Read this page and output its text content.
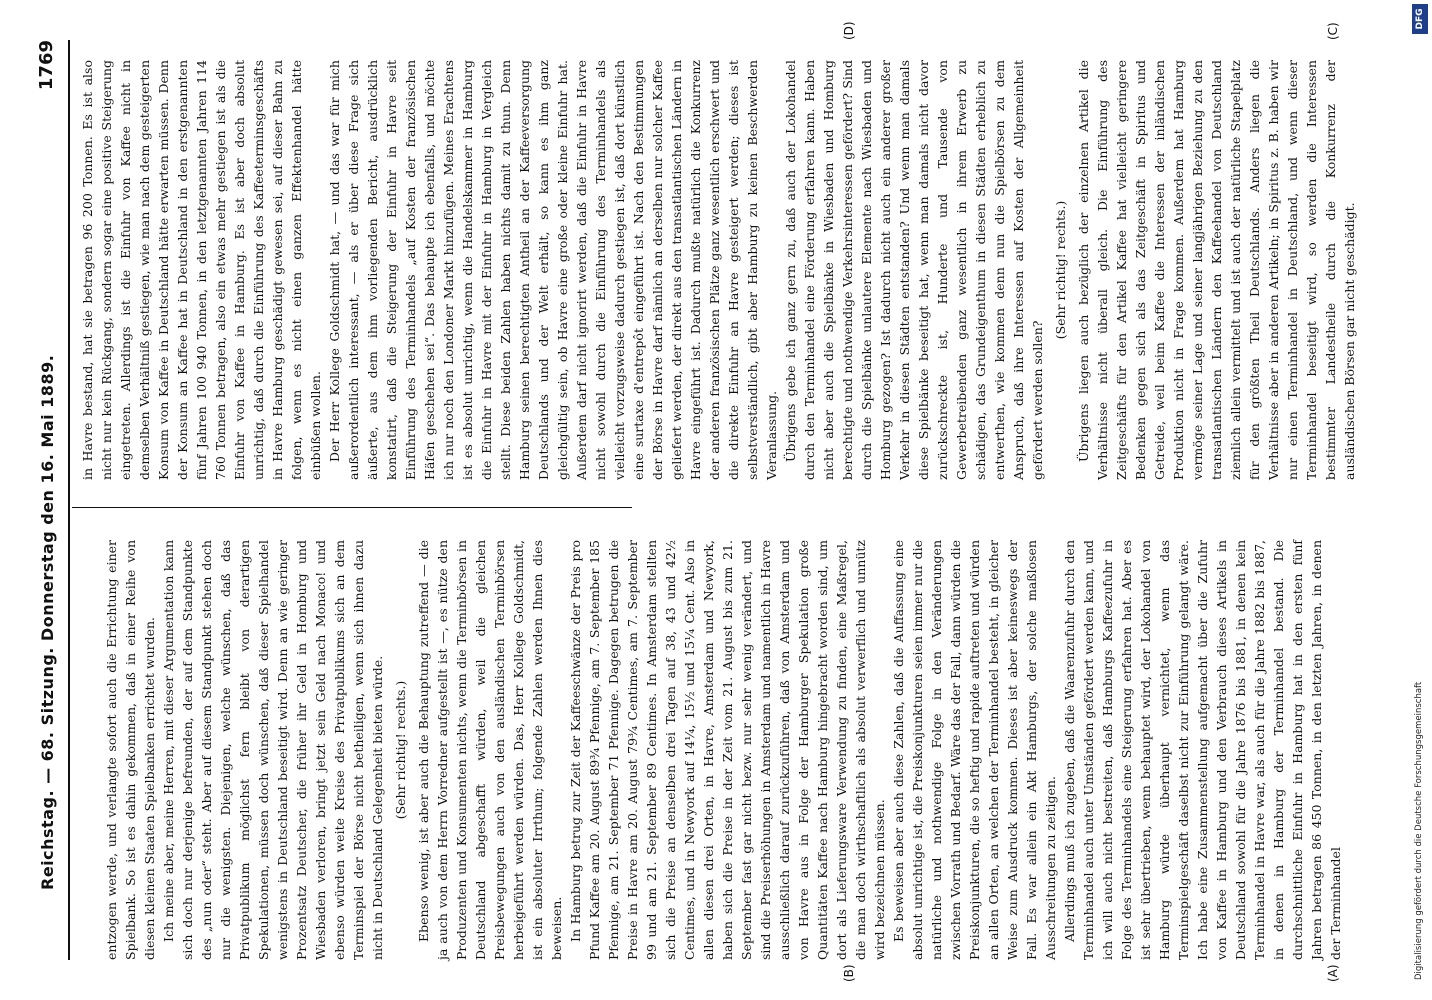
Reichstag. — 68. Sitzung. Donnerstag den 16. Mai 1889.
1769

entzogen werde, und verlangte sofort auch die Errichtung einer Spielbank. So ist es dahin gekommen, daß in einer Reihe von diesen kleinen Staaten Spielbanken errichtet wurden. Ich meine aber, meine Herren, mit dieser Argumentation kann sich doch nur derjenige befreunden, der auf dem Standpunkte des „nun oder“ steht. Aber auf diesem Standpunkt stehen doch nur die wenigsten. Diejenigen, welche wünschen, daß das Privatpublikum möglichst fern bleibt von derartigen Spekulationen, müssen doch wünschen, daß dieser Spielhandel wenigstens in Deutschland beseitigt wird. Denn an wie geringer Prozentsatz Deutscher, die früher ihr Geld in Homburg und Wiesbaden verloren, bringt jetzt sein Geld nach Monaco! und ebenso würden weite Kreise des Privatpublikums sich an dem Terminspiel der Börse nicht betheiligen, wenn sich ihnen dazu nicht in Deutschland Gelegenheit bieten würde. (Sehr richtig! rechts.) Ebenso wenig, ist aber auch die Behauptung zutreffend — die ja auch von dem Herrn Vorredner aufgestellt ist —, es nütze den Produzenten und Konsumenten nichts, wenn die Terminbörsen in Deutschland abgeschafft würden, weil die gleichen Preisbewegungen auch von den ausländischen Terminbörsen herbeigeführt werden würden. Das, Herr Kollege Goldschmidt, ist ein absoluter Irrthum; folgende Zahlen werden Ihnen dies beweisen. In Hamburg betrug zur Zeit der Kaffeeschwänze der Preis pro Pfund Kaffee am 20. August 89¾ Pfennige, am 7. September 185 Pfennige, am 21. September 71 Pfennige. Dagegen betrugen die Preise in Havre am 20. August 79¾ Centimes, am 7. September 99 und am 21. September 89 Centimes. In Amsterdam stellten sich die Preise an denselben drei Tagen auf 38, 43 und 42½ Centimes, und in Newyork auf 14¼, 15½ und 15¼ Cent. Also in allen diesen drei Orten, in Havre, Amsterdam und Newyork, haben sich die Preise in der Zeit vom 21. August bis zum 21. September fast gar nicht bezw. nur sehr wenig verändert, und sind die Preiserhöhungen in Amsterdam und namentlich in Havre ausschließlich darauf zurückzuführen, daß von Amsterdam und von Havre aus in Folge der Hamburger Spekulation große Quantitäten Kaffee nach Hamburg hingebracht worden sind, um dort als Lieferungsware Verwendung zu finden, eine Maßregel, die man doch wirthschaftlich als absolut verwerflich und unnütz wird bezeichnen müssen. Es beweisen aber auch diese Zahlen, daß die Auffassung eine absolut unrichtige ist, die Preiskonjunkturen seien immer nur die natürliche und nothwendige Folge in den Veränderungen zwischen Vorrath und Bedarf. Wäre das der Fall, dann würden die Preiskonjunkturen, die so heftig und rapide auftreten und würden an allen Orten, an welchen der Terminhandel besteht, in gleicher Weise zum Ausdruck kommen. Dieses ist aber keineswegs der Fall. Es war allein ein Akt Hamburgs, der solche maßlosen Ausschreitungen zu zeitigen. Allerdings muß ich zugeben, daß die Waarenzufuhr durch den Terminhandel auch unter Umständen gefördert werden kann, und ich will auch nicht bestreiten, daß Hamburgs Kaffeezufuhr in Folge des Terminhandels eine Steigerung erfahren hat. Aber es ist sehr übertrieben, wenn behauptet wird, der Lokohandel von Hamburg würde überhaupt vernichtet, wenn das Terminspielgeschäft daselbst nicht zur Einführung gelangt wäre. Ich habe eine Zusammenstellung aufgemacht über die Zufuhr von Kaffee in Hamburg und den Verbrauch dieses Artikels in Deutschland sowohl für die Jahre 1876 bis 1881, in denen kein Terminhandel in Havre war, als auch für die Jahre 1882 bis 1887, in denen in Hamburg der Terminhandel bestand. Die durchschnittliche Einfuhr in Hamburg hat in den ersten fünf Jahren betragen 86 450 Tonnen, in den letzten Jahren, in denen der Terminhandel

in Havre bestand, hat sie betragen 96 200 Tonnen. Es ist also nicht nur kein Rückgang, sondern sogar eine positive Steigerung eingetreten. Allerdings ist die Einfuhr von Kaffee nicht in demselben Verhältniß gestiegen, wie man nach dem gesteigerten Konsum von Kaffee in Deutschland hätte erwarten müssen. Denn der Konsum an Kaffee hat in Deutschland in den erstgenannten fünf Jahren 100 940 Tonnen, in den letztgenannten Jahren 114 760 Tonnen betragen, also ein etwas mehr gestiegen ist als die Einfuhr von Kaffee in Hamburg. Es ist aber doch absolut unrichtig, daß durch die Einführung des Kaffeeterminsgeschäfts in Havre Hamburg geschädigt gewesen sei, auf dieser Bahn zu folgen, wenn es nicht einen ganzen Effektenhandel hätte einbüßen wollen. Der Herr Kollege Goldschmidt hat, — und das war für mich außerordentlich interessant, — als er über diese Frage sich äußerte, aus dem ihm vorliegenden Bericht, ausdrücklich konstatirt, daß die Steigerung der Einfuhr in Havre seit Einführung des Terminhandels „auf Kosten der französischen Häfen geschehen sei“. Das behaupte ich ebenfalls, und möchte ich nur noch den Londoner Markt hinzufügen. Meines Erachtens ist es absolut unrichtig, wenn die Handelskammer in Hamburg die Einfuhr in Havre mit der Einfuhr in Hamburg in Vergleich stellt. Diese beiden Zahlen haben nichts damit zu thun. Denn Hamburg seinen berechtigten Antheil an der Kaffeeversorgung Deutschlands und der Welt erhält, so kann es ihm ganz gleichgültig sein, ob Havre eine große oder kleine Einfuhr hat. Außerdem darf nicht ignorirt werden, daß die Einfuhr in Havre nicht sowohl durch die Einführung des Terminhandels als vielleicht vorzugsweise dadurch gestiegen ist, daß dort künstlich eine surtaxe d'entrepôt eingeführt ist. Nach den Bestimmungen der Börse in Havre darf nämlich an derselben nur solcher Kaffee geliefert werden, der direkt aus den transatlantischen Ländern in Havre eingeführt ist. Dadurch mußte natürlich die Konkurrenz der anderen französischen Plätze ganz wesentlich erschwert und die direkte Einfuhr an Havre gesteigert werden; dieses ist selbstverständlich, gibt aber Hamburg zu keinen Beschwerden Veranlassung. Übrigens gebe ich ganz gern zu, daß auch der Lokohandel durch den Terminhandel eine Förderung erfahren kann. Haben nicht aber auch die Spielbänke in Wiesbaden und Homburg berechtigte und nothwendige Verkehrsinteressen gefördert? Sind durch die Spielbänke unlautere Elemente nach Wiesbaden und Homburg gezogen? Ist dadurch nicht auch ein anderer großer Verkehr in diesen Städten entstanden? Und wenn man damals diese Spielbänke beseitigt hat, wenn man damals nicht davor zurückschreckte ist, Hunderte und Tausende von Gewerbetreibenden ganz wesentlich in ihrem Erwerb zu schädigen, das Grundeigenthum in diesen Städten erheblich zu entwerthen, wie kommen denn nun die Spielbörsen zu dem Anspruch, daß ihre Interessen auf Kosten der Allgemeinheit gefördert werden sollen?

(Sehr richtig! rechts.) Übrigens liegen auch bezüglich der einzelnen Artikel die Verhältnisse nicht überall gleich. Die Einführung des Zeitgeschäfts für den Artikel Kaffee hat vielleicht geringere Bedenken gegen sich als das Zeitgeschäft in Spiritus und Getreide, weil beim Kaffee die Interessen der inländischen Produktion nicht in Frage kommen. Außerdem hat Hamburg vermöge seiner Lage und seiner langjährigen Beziehung zu den transatlantischen Ländern den Kaffeehandel von Deutschland ziemlich allein vermittelt und ist auch der natürliche Stapelplatz für den größten Theil Deutschlands. Anders liegen die Verhältnisse aber in anderen Artikeln; in Spiritus z. B. haben wir nur einen Terminhandel in Deutschland, und wenn dieser Terminhandel beseitigt wird, so werden die Interessen bestimmter Landestheile durch die Konkurrenz der ausländischen Börsen gar nicht geschädigt.

(A)
(B)
(C)
(D)
DFG
Digitalisierung gefördert durch die Deutsche Forschungsgemeinschaft
